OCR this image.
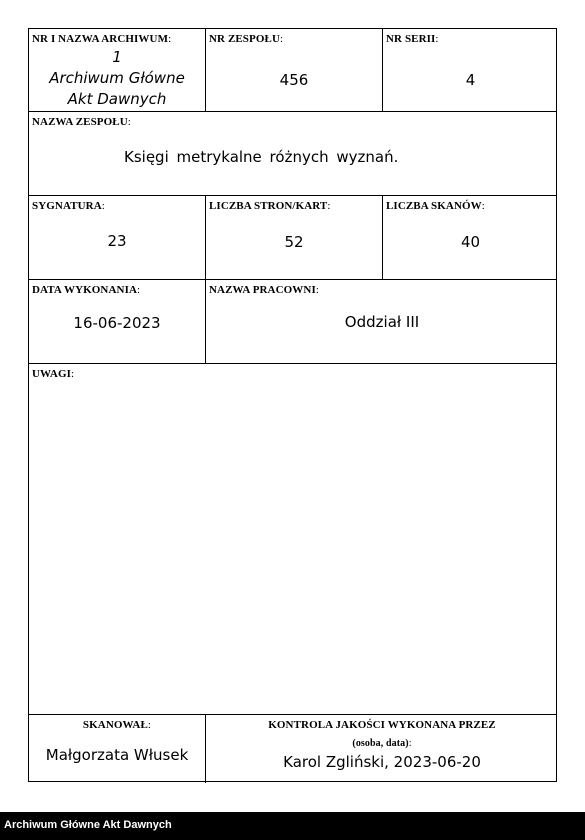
NR I NAZWA ARCHIWUM:
1
Archiwum Główne
Akt Dawnych
NR ZESPOŁU:
456
NR SERII:
4
NAZWA ZESPOŁU:
Księgi metrykalne różnych wyznań.
SYGNATURA:
23
LICZBA STRON/KART:
52
LICZBA SKANÓW:
40
DATA WYKONANIA:
16-06-2023
NAZWA PRACOWNI:
Oddział III
UWAGI:
SKANOWAŁ:
Małgorzata Włusek
KONTROLA JAKOŚCI WYKONANA PRZEZ
(osoba, data):
Karol Zgliński, 2023-06-20
Archiwum Główne Akt Dawnych
